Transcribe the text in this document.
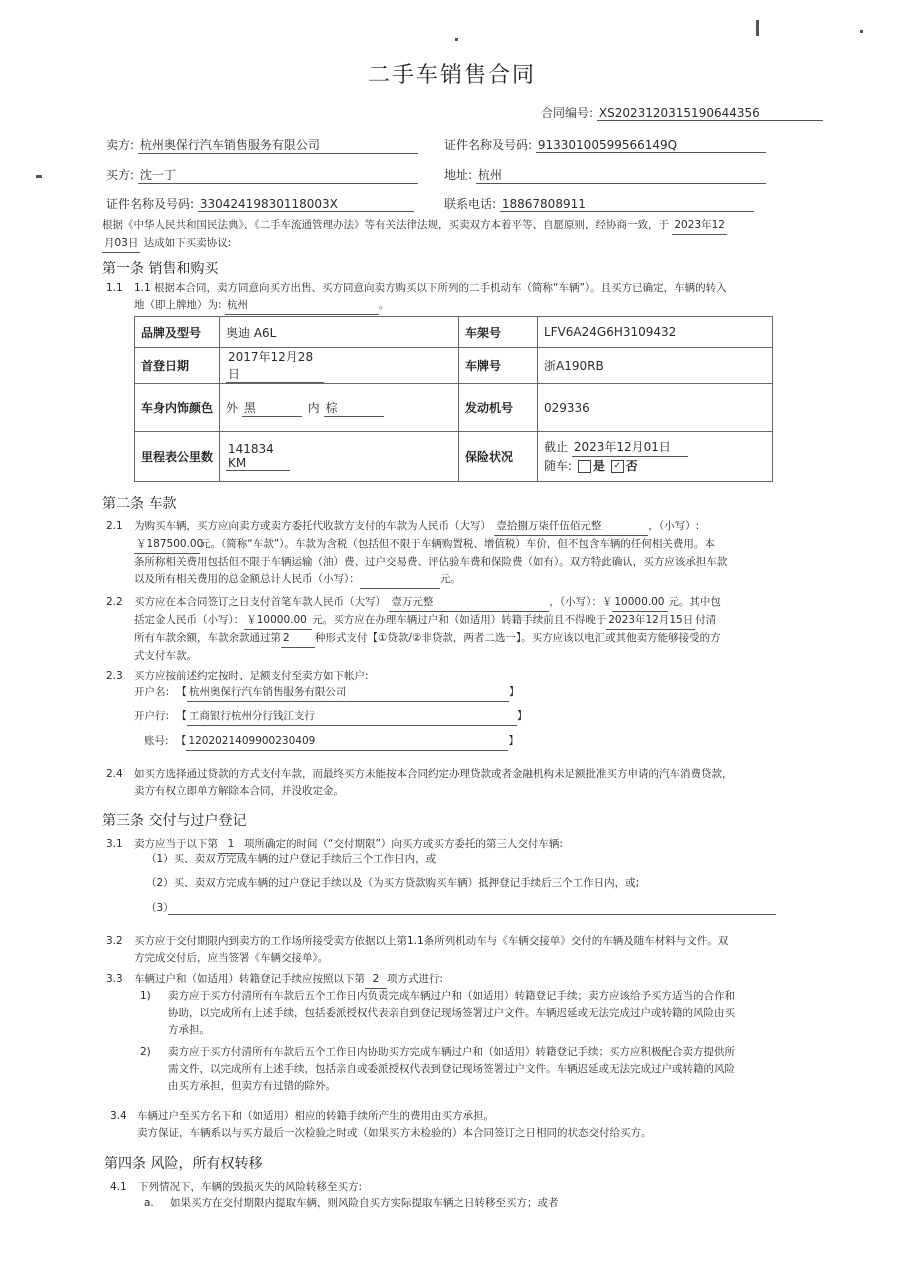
二手车销售合同
合同编号: XS2023120315190644356
卖方: 杭州奥保行汽车销售服务有限公司	证件名称及号码: 91330100599566149Q
买方: 沈一丁	地址: 杭州
证件名称及号码: 33042419830118003X	联系电话: 18867808911
根据《中华人民共和国民法典》、《二手车流通管理办法》等有关法律法规，买卖双方本着平等、自愿原则，经协商一致，于 2023年12
月03日 达成如下买卖协议:
第一条 销售和购买
1.1 1.1 根据本合同，卖方同意向买方出售、买方同意向卖方购买以下所列的二手机动车（简称“车辆”）。且买方已确定，车辆的转入
地（即上牌地）为: 杭州	。
品牌及型号	奥迪 A6L	车架号	LFV6A24G6H3109432
首登日期	2017年12月28日	车牌号	浙A190RB
车身内饰颜色	外 黑 内 棕	发动机号	029336
里程表公里数	141834 KM	保险状况	截止 2023年12月01日
随车: 是 ✓ 否
第二条 车款
2.1 为购买车辆，买方应向卖方或卖方委托代收款方支付的车款为人民币（大写） 壹拾捌万柒仟伍佰元整	，（小写）:
￥187500.00元。（简称“车款”）。车款为含税（包括但不限于车辆购置税、增值税）车价，但不包含车辆的任何相关费用。本
条所称相关费用包括但不限于车辆运输（油）费、过户交易费、评估验车费和保险费（如有）。双方特此确认，买方应该承担车款
以及所有相关费用的总金额总计人民币（小写）：	元。
2.2 买方应在本合同签订之日支付首笔车款人民币（大写） 壹万元整	，（小写）：￥ 10000.00 元。其中包
括定金人民币（小写）： ￥10000.00 元。买方应在办理车辆过户和（如适用）转籍手续前且不得晚于 2023年12月15日 付清
所有车款余额，车款余款通过第 2 种形式支付【①贷款/②非贷款，两者二选一】。买方应该以电汇或其他卖方能够接受的方
式支付车款。
2.3 买方应按前述约定按时、足额支付至卖方如下帐户:
开户名: 【 杭州奥保行汽车销售服务有限公司	】
开户行: 【 工商银行杭州分行钱江支行	】
账号: 【 1202021409900230409	】
2.4 如买方选择通过贷款的方式支付车款，而最终买方未能按本合同约定办理贷款或者金融机构未足额批准买方申请的汽车消费贷款，
卖方有权立即单方解除本合同，并没收定金。
第三条 交付与过户登记
3.1 卖方应当于以下第 1 项所确定的时间（“交付期限”）向买方或买方委托的第三人交付车辆:
（1）买、卖双方完成车辆的过户登记手续后三个工作日内，或
（2）买、卖双方完成车辆的过户登记手续以及（为买方贷款购买车辆）抵押登记手续后三个工作日内，或;
（3）
3.2 买方应于交付期限内到卖方的工作场所接受卖方依据以上第1.1条所列机动车与《车辆交接单》交付的车辆及随车材料与文件。双
方完成交付后，应当签署《车辆交接单》。
3.3 车辆过户和（如适用）转籍登记手续应按照以下第 2 项方式进行:
1) 卖方应于买方付清所有车款后五个工作日内负责完成车辆过户和（如适用）转籍登记手续；卖方应该给予买方适当的合作和
协助，以完成所有上述手续，包括委派授权代表亲自到登记现场签署过户文件。车辆迟延或无法完成过户或转籍的风险由买
方承担。
2) 卖方应于买方付清所有车款后五个工作日内协助买方完成车辆过户和（如适用）转籍登记手续；买方应积极配合卖方提供所
需文件，以完成所有上述手续，包括亲自或委派授权代表到登记现场签署过户文件。车辆迟延或无法完成过户或转籍的风险
由买方承担，但卖方有过错的除外。
3.4 车辆过户至买方名下和（如适用）相应的转籍手续所产生的费用由买方承担。
卖方保证，车辆系以与买方最后一次检验之时或（如果买方未检验的）本合同签订之日相同的状态交付给买方。
第四条 风险，所有权转移
4.1 下列情况下，车辆的毁损灭失的风险转移至买方:
a. 如果买方在交付期限内提取车辆，则风险自买方实际提取车辆之日转移至买方；或者
